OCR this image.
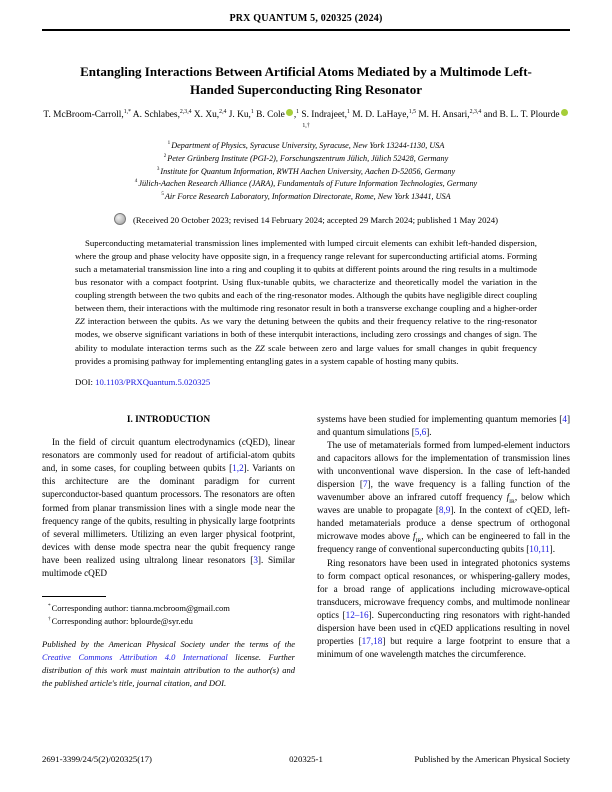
PRX QUANTUM 5, 020325 (2024)
Entangling Interactions Between Artificial Atoms Mediated by a Multimode Left-Handed Superconducting Ring Resonator
T. McBroom-Carroll,$^{1,*}$ A. Schlabes,$^{2,3,4}$ X. Xu,$^{2,4}$ J. Ku,$^1$ B. Cole ,$^1$ S. Indrajeet,$^1$ M. D. LaHaye,$^{1,5}$ M. H. Ansari,$^{2,3,4}$ and B. L. T. Plourde$^{1,\dagger}$
$^1$Department of Physics, Syracuse University, Syracuse, New York 13244-1130, USA
$^2$Peter Grünberg Institute (PGI-2), Forschungszentrum Jülich, Jülich 52428, Germany
$^3$Institute for Quantum Information, RWTH Aachen University, Aachen D-52056, Germany
$^4$Jülich-Aachen Research Alliance (JARA), Fundamentals of Future Information Technologies, Germany
$^5$Air Force Research Laboratory, Information Directorate, Rome, New York 13441, USA
(Received 20 October 2023; revised 14 February 2024; accepted 29 March 2024; published 1 May 2024)

Superconducting metamaterial transmission lines implemented with lumped circuit elements can exhibit left-handed dispersion, where the group and phase velocity have opposite sign, in a frequency range relevant for superconducting artificial atoms. Forming such a metamaterial transmission line into a ring and coupling it to qubits at different points around the ring results in a multimode bus resonator with a compact footprint. Using flux-tunable qubits, we characterize and theoretically model the variation in the coupling strength between the two qubits and each of the ring-resonator modes. Although the qubits have negligible direct coupling between them, their interactions with the multimode ring resonator result in both a transverse exchange coupling and a higher-order ZZ interaction between the qubits. As we vary the detuning between the qubits and their frequency relative to the ring-resonator modes, we observe significant variations in both of these interqubit interactions, including zero crossings and changes of sign. The ability to modulate interaction terms such as the ZZ scale between zero and large values for small changes in qubit frequency provides a promising pathway for implementing entangling gates in a system capable of hosting many qubits.

DOI: 10.1103/PRXQuantum.5.020325
I. INTRODUCTION

In the field of circuit quantum electrodynamics (cQED), linear resonators are commonly used for readout of artificial-atom qubits and, in some cases, for coupling between qubits [1,2]. Variants on this architecture are the dominant paradigm for current superconductor-based quantum processors. The resonators are often formed from planar transmission lines with a single mode near the frequency range of the qubits, resulting in physically large footprints of several millimeters. Utilizing an even larger physical footprint, devices with dense mode spectra near the qubit frequency range have been realized using ultralong linear resonators [3]. Similar multimode cQED

*Corresponding author: tianna.mcbroom@gmail.com
†Corresponding author: bplourde@syr.edu

Published by the American Physical Society under the terms of the Creative Commons Attribution 4.0 International license. Further distribution of this work must maintain attribution to the author(s) and the published article's title, journal citation, and DOI.

systems have been studied for implementing quantum memories [4] and quantum simulations [5,6].

The use of metamaterials formed from lumped-element inductors and capacitors allows for the implementation of transmission lines with unconventional wave dispersion. In the case of left-handed dispersion [7], the wave frequency is a falling function of the wavenumber above an infrared cutoff frequency $f_{IR}$, below which waves are unable to propagate [8,9]. In the context of cQED, left-handed metamaterials produce a dense spectrum of orthogonal microwave modes above $f_{IR}$, which can be engineered to fall in the frequency range of conventional superconducting qubits [10,11].

Ring resonators have been used in integrated photonics systems to form compact optical resonances, or whispering-gallery modes, for a broad range of applications including microwave-optical transducers, microwave frequency combs, and multimode nonlinear optics [12–16]. Superconducting ring resonators with right-handed dispersion have been used in cQED applications resulting in novel properties [17,18] but require a large footprint to ensure that a minimum of one wavelength matches the circumference.

2691-3399/24/5(2)/020325(17)	020325-1	Published by the American Physical Society
